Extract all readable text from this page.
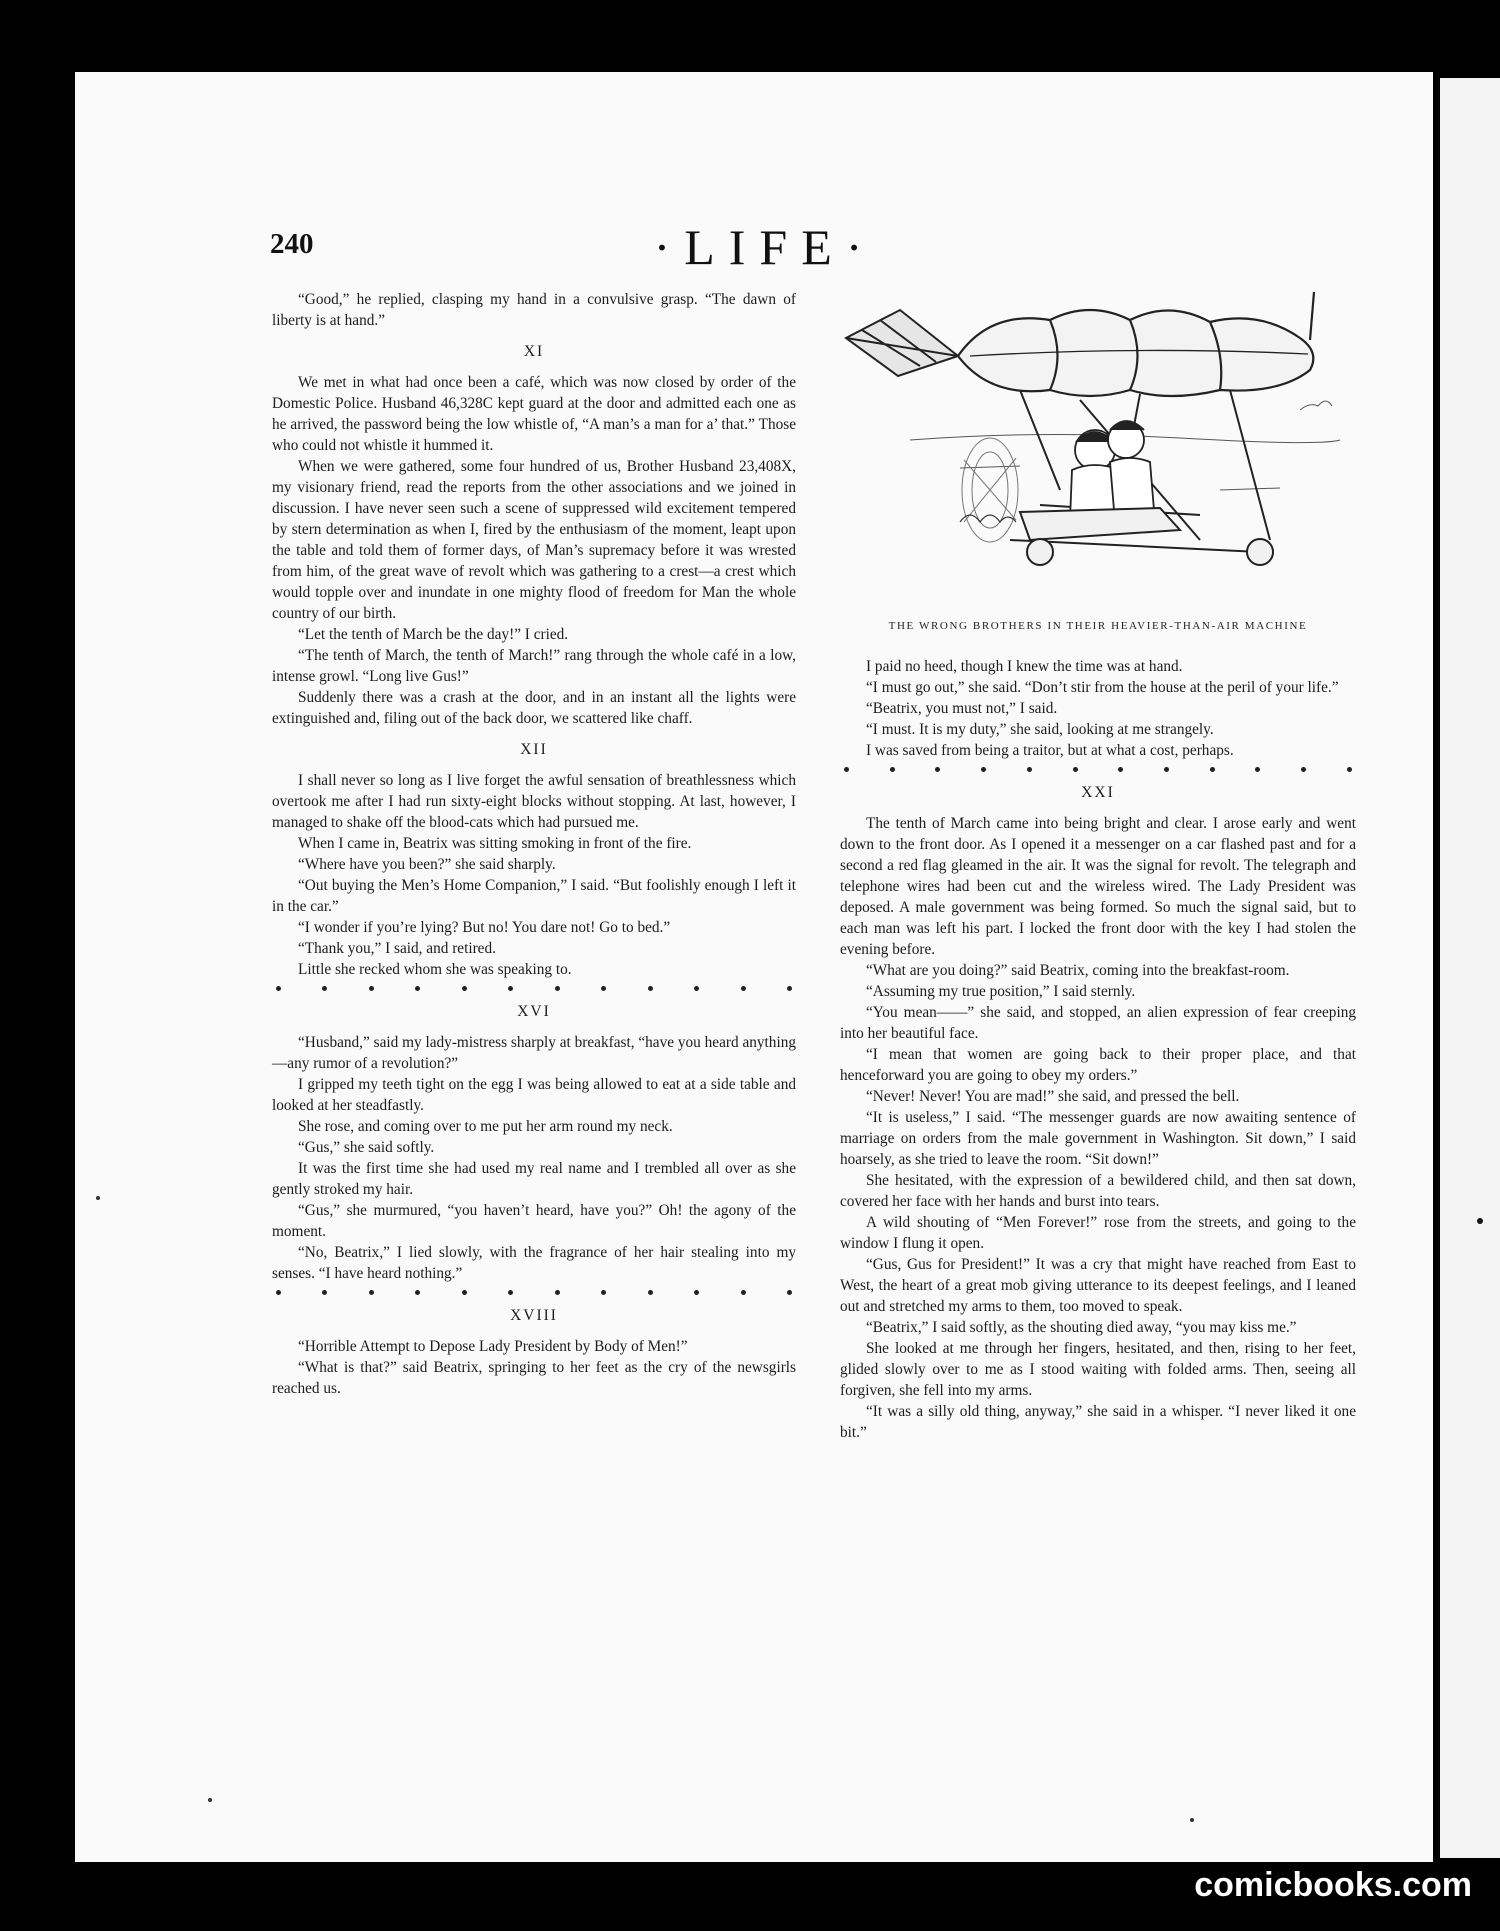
240	·LIFE·

“Good,” he replied, clasping my hand in a convulsive grasp. “The dawn of liberty is at hand.”

XI

We met in what had once been a café, which was now closed by order of the Domestic Police. Husband 46,328C kept guard at the door and admitted each one as he arrived, the password being the low whistle of, “A man’s a man for a’ that.” Those who could not whistle it hummed it.

When we were gathered, some four hundred of us, Brother Husband 23,408X, my visionary friend, read the reports from the other associations and we joined in discussion. I have never seen such a scene of suppressed wild excitement tempered by stern determination as when I, fired by the enthusiasm of the moment, leapt upon the table and told them of former days, of Man’s supremacy before it was wrested from him, of the great wave of revolt which was gathering to a crest—a crest which would topple over and inundate in one mighty flood of freedom for Man the whole country of our birth.

“Let the tenth of March be the day!” I cried.

“The tenth of March, the tenth of March!” rang through the whole café in a low, intense growl. “Long live Gus!”

Suddenly there was a crash at the door, and in an instant all the lights were extinguished and, filing out of the back door, we scattered like chaff.

XII

I shall never so long as I live forget the awful sensation of breathlessness which overtook me after I had run sixty-eight blocks without stopping. At last, however, I managed to shake off the blood-cats which had pursued me.

When I came in, Beatrix was sitting smoking in front of the fire.

“Where have you been?” she said sharply.

“Out buying the Men’s Home Companion,” I said. “But foolishly enough I left it in the car.”

“I wonder if you’re lying? But no! You dare not! Go to bed.”

“Thank you,” I said, and retired.

Little she recked whom she was speaking to.

XVI

“Husband,” said my lady-mistress sharply at breakfast, “have you heard anything—any rumor of a revolution?”

I gripped my teeth tight on the egg I was being allowed to eat at a side table and looked at her steadfastly.

She rose, and coming over to me put her arm round my neck.

“Gus,” she said softly.

It was the first time she had used my real name and I trembled all over as she gently stroked my hair.

“Gus,” she murmured, “you haven’t heard, have you?” Oh! the agony of the moment.

“No, Beatrix,” I lied slowly, with the fragrance of her hair stealing into my senses. “I have heard nothing.”

XVIII

“Horrible Attempt to Depose Lady President by Body of Men!”

“What is that?” said Beatrix, springing to her feet as the cry of the newsgirls reached us.

THE WRONG BROTHERS IN THEIR HEAVIER-THAN-AIR MACHINE

I paid no heed, though I knew the time was at hand.

“I must go out,” she said. “Don’t stir from the house at the peril of your life.”

“Beatrix, you must not,” I said.

“I must. It is my duty,” she said, looking at me strangely.

I was saved from being a traitor, but at what a cost, perhaps.

XXI

The tenth of March came into being bright and clear. I arose early and went down to the front door. As I opened it a messenger on a car flashed past and for a second a red flag gleamed in the air. It was the signal for revolt. The telegraph and telephone wires had been cut and the wireless wired. The Lady President was deposed. A male government was being formed. So much the signal said, but to each man was left his part. I locked the front door with the key I had stolen the evening before.

“What are you doing?” said Beatrix, coming into the breakfast-room.

“Assuming my true position,” I said sternly.

“You mean——” she said, and stopped, an alien expression of fear creeping into her beautiful face.

“I mean that women are going back to their proper place, and that henceforward you are going to obey my orders.”

“Never! Never! You are mad!” she said, and pressed the bell.

“It is useless,” I said. “The messenger guards are now awaiting sentence of marriage on orders from the male government in Washington. Sit down,” I said hoarsely, as she tried to leave the room. “Sit down!”

She hesitated, with the expression of a bewildered child, and then sat down, covered her face with her hands and burst into tears.

A wild shouting of “Men Forever!” rose from the streets, and going to the window I flung it open.

“Gus, Gus for President!” It was a cry that might have reached from East to West, the heart of a great mob giving utterance to its deepest feelings, and I leaned out and stretched my arms to them, too moved to speak.

“Beatrix,” I said softly, as the shouting died away, “you may kiss me.”

She looked at me through her fingers, hesitated, and then, rising to her feet, glided slowly over to me as I stood waiting with folded arms. Then, seeing all forgiven, she fell into my arms.

“It was a silly old thing, anyway,” she said in a whisper. “I never liked it one bit.”

comicbooks.com
